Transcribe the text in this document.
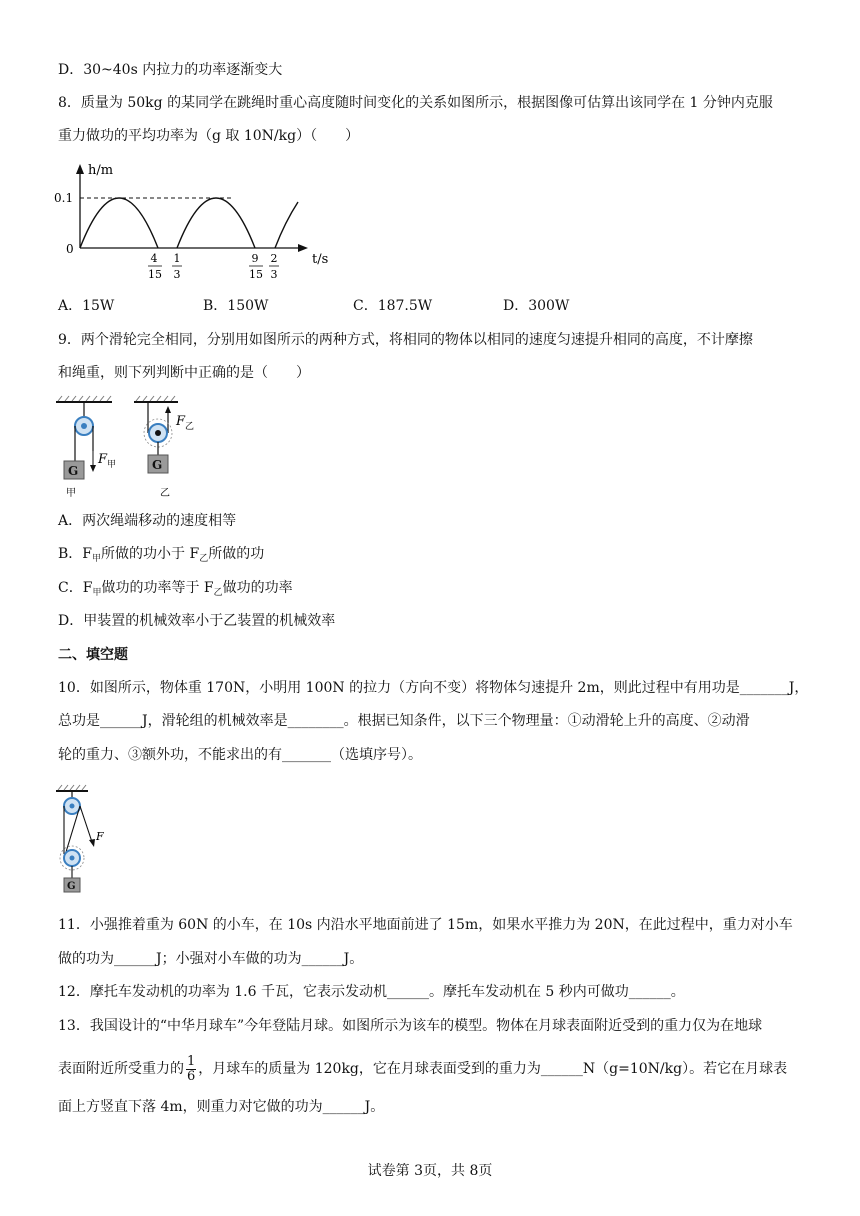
D．30~40s 内拉力的功率逐渐变大
8．质量为 50kg 的某同学在跳绳时重心高度随时间变化的关系如图所示，根据图像可估算出该同学在 1 分钟内克服
重力做功的平均功率为（g 取 10N/kg）（　　）
h/m
0.1
0
t/s
4
15
1
3
9
15
2
3
A．15W	B．150W	C．187.5W	D．300W
9．两个滑轮完全相同，分别用如图所示的两种方式，将相同的物体以相同的速度匀速提升相同的高度，不计摩擦
和绳重，则下列判断中正确的是（　　）
G
F 甲
甲
G
F 乙
乙
A．两次绳端移动的速度相等
B．$F_甲$所做的功小于 $F_乙$所做的功
C．$F_甲$做功的功率等于 $F_乙$做功的功率
D．甲装置的机械效率小于乙装置的机械效率
二、填空题
10．如图所示，物体重 170N，小明用 100N 的拉力（方向不变）将物体匀速提升 2m，则此过程中有用功是_______J，
总功是______J，滑轮组的机械效率是________。根据已知条件，以下三个物理量：①动滑轮上升的高度、②动滑
轮的重力、③额外功，不能求出的有_______（选填序号）。
F
G
11．小强推着重为 60N 的小车，在 10s 内沿水平地面前进了 15m，如果水平推力为 20N，在此过程中，重力对小车
做的功为______J；小强对小车做的功为______J。
12．摩托车发动机的功率为 1.6 千瓦，它表示发动机______。摩托车发动机在 5 秒内可做功______。
13．我国设计的“中华月球车”今年登陆月球。如图所示为该车的模型。物体在月球表面附近受到的重力仅为在地球
表面附近所受重力的 $\frac{1}{6}$ ，月球车的质量为 120kg，它在月球表面受到的重力为______N（g=10N/kg）。若它在月球表
面上方竖直下落 4m，则重力对它做的功为______J。
试卷第 3页，共 8页
